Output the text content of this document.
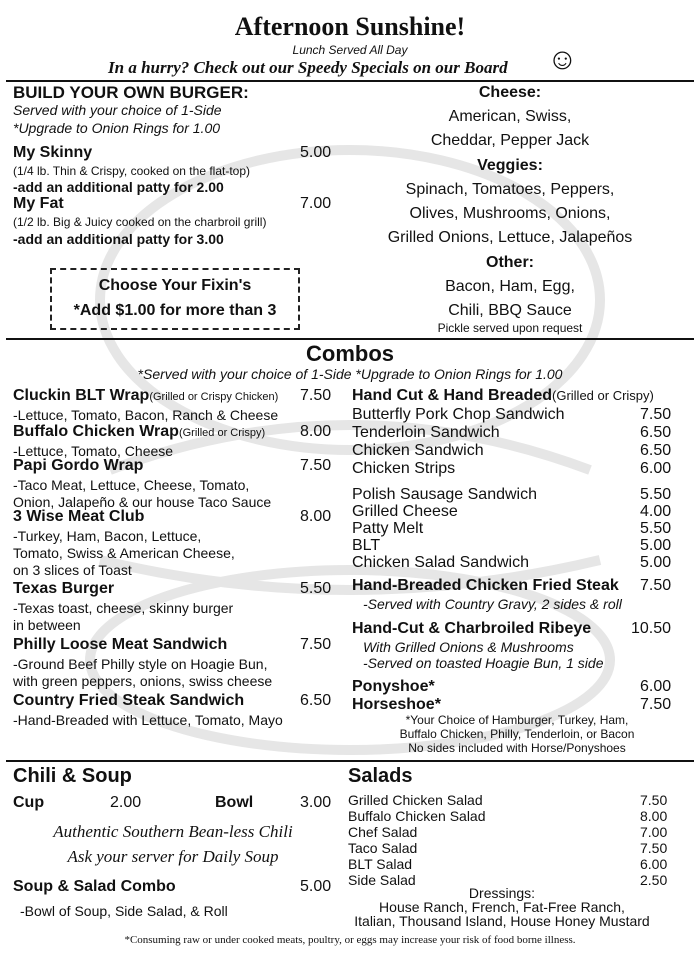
Afternoon Sunshine!
Lunch Served All Day
In a hurry? Check out our Speedy Specials on our Board ☺
BUILD YOUR OWN BURGER:
Served with your choice of 1-Side
*Upgrade to Onion Rings for 1.00
My Skinny	5.00
(1/4 lb. Thin & Crispy, cooked on the flat-top)
-add an additional patty for 2.00
My Fat	7.00
(1/2 lb. Big & Juicy cooked on the charbroil grill)
-add an additional patty for 3.00
Choose Your Fixin's
*Add $1.00 for more than 3
Cheese:
American, Swiss,
Cheddar, Pepper Jack
Veggies:
Spinach, Tomatoes, Peppers,
Olives, Mushrooms, Onions,
Grilled Onions, Lettuce, Jalapeños
Other:
Bacon, Ham, Egg,
Chili, BBQ Sauce
Pickle served upon request
Combos
*Served with your choice of 1-Side *Upgrade to Onion Rings for 1.00
Cluckin BLT Wrap(Grilled or Crispy Chicken) 7.50
-Lettuce, Tomato, Bacon, Ranch & Cheese
Buffalo Chicken Wrap(Grilled or Crispy) 8.00
-Lettuce, Tomato, Cheese
Papi Gordo Wrap	7.50
-Taco Meat, Lettuce, Cheese, Tomato,
Onion, Jalapeño & our house Taco Sauce
3 Wise Meat Club	8.00
-Turkey, Ham, Bacon, Lettuce,
Tomato, Swiss & American Cheese,
on 3 slices of Toast
Texas Burger	5.50
-Texas toast, cheese, skinny burger
in between
Philly Loose Meat Sandwich	7.50
-Ground Beef Philly style on Hoagie Bun,
with green peppers, onions, swiss cheese
Country Fried Steak Sandwich	6.50
-Hand-Breaded with Lettuce, Tomato, Mayo
Hand Cut & Hand Breaded(Grilled or Crispy)
Butterfly Pork Chop Sandwich	7.50
Tenderloin Sandwich	6.50
Chicken Sandwich	6.50
Chicken Strips	6.00
Polish Sausage Sandwich	5.50
Grilled Cheese	4.00
Patty Melt	5.50
BLT	5.00
Chicken Salad Sandwich	5.00
Hand-Breaded Chicken Fried Steak 7.50
-Served with Country Gravy, 2 sides & roll
Hand-Cut & Charbroiled Ribeye 10.50
With Grilled Onions & Mushrooms
-Served on toasted Hoagie Bun, 1 side
Ponyshoe*	6.00
Horseshoe*	7.50
*Your Choice of Hamburger, Turkey, Ham,
Buffalo Chicken, Philly, Tenderloin, or Bacon
No sides included with Horse/Ponyshoes
Chili & Soup
Cup	2.00	Bowl	3.00
Authentic Southern Bean-less Chili
Ask your server for Daily Soup
Soup & Salad Combo	5.00
-Bowl of Soup, Side Salad, & Roll
Salads
Grilled Chicken Salad	7.50
Buffalo Chicken Salad	8.00
Chef Salad	7.00
Taco Salad	7.50
BLT Salad	6.00
Side Salad	2.50
Dressings:
House Ranch, French, Fat-Free Ranch,
Italian, Thousand Island, House Honey Mustard
*Consuming raw or under cooked meats, poultry, or eggs may increase your risk of food borne illness.
